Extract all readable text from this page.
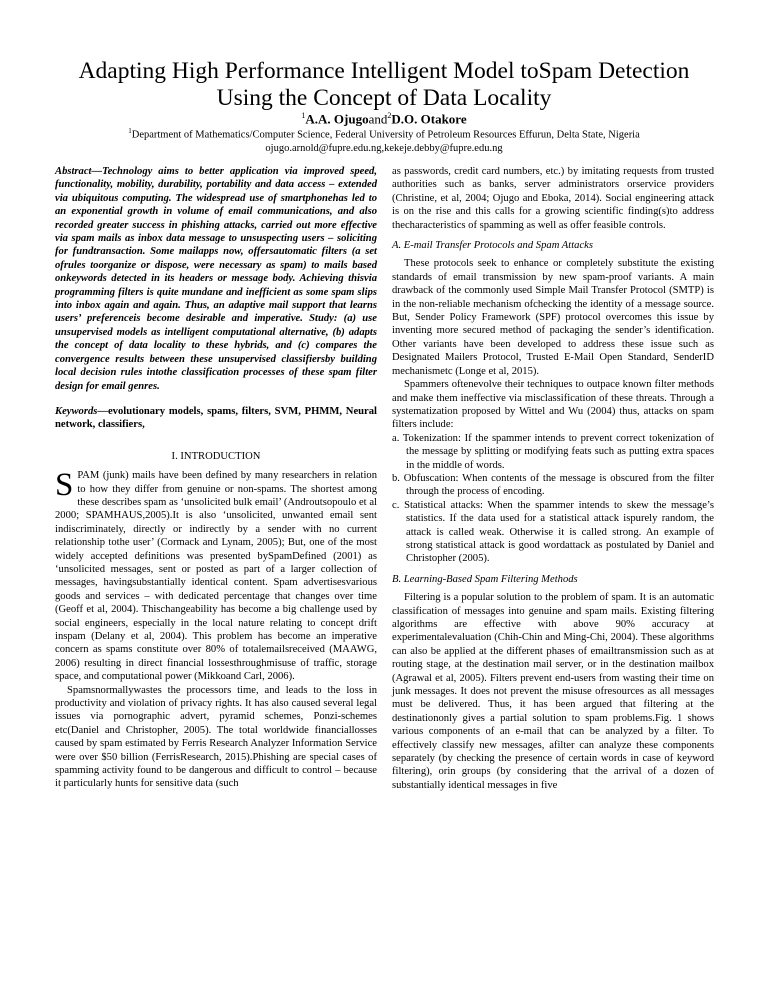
Adapting High Performance Intelligent Model toSpam Detection Using the Concept of Data Locality
$^1$A.A. Ojugoand$^2$D.O. Otakore
$^1$Department of Mathematics/Computer Science, Federal University of Petroleum Resources Effurun, Delta State, Nigeria
ojugo.arnold@fupre.edu.ng,kekeje.debby@fupre.edu.ng

Abstract—Technology aims to better application via improved speed, functionality, mobility, durability, portability and data access – extended via ubiquitous computing. The widespread use of smartphonehas led to an exponential growth in volume of email communications, and also recorded greater success in phishing attacks, carried out more effective via spam mails as inbox data message to unsuspecting users – soliciting for fundtransaction. Some mailapps now, offersautomatic filters (a set ofrules toorganize or dispose, were necessary as spam) to mails based onkeywords detected in its headers or message body. Achieving thisvia programming filters is quite mundane and inefficient as some spam slips into inbox again and again. Thus, an adaptive mail support that learns users’ preferenceis become desirable and imperative. Study: (a) use unsupervised models as intelligent computational alternative, (b) adapts the concept of data locality to these hybrids, and (c) compares the convergence results between these unsupervised classifiersby building local decision rules intothe classification processes of these spam filter design for email genres.

Keywords—evolutionary models, spams, filters, SVM, PHMM, Neural network, classifiers,

I. INTRODUCTION

SPAM (junk) mails have been defined by many researchers in relation to how they differ from genuine or non-spams. The shortest among these describes spam as ‘unsolicited bulk email’ (Androutsopoulo et al 2000; SPAMHAUS,2005).It is also ‘unsolicited, unwanted email sent indiscriminately, directly or indirectly by a sender with no current relationship tothe user’ (Cormack and Lynam, 2005); But, one of the most widely accepted definitions was presented bySpamDefined (2001) as ‘unsolicited messages, sent or posted as part of a larger collection of messages, havingsubstantially identical content. Spam advertisesvarious goods and services – with dedicated percentage that changes over time (Geoff et al, 2004). Thischangeability has become a big challenge used by social engineers, especially in the local nature relating to concept drift inspam (Delany et al, 2004). This problem has become an imperative concern as spams constitute over 80% of totalemailsreceived (MAAWG, 2006) resulting in direct financial lossesthroughmisuse of traffic, storage space, and computational power (Mikkoand Carl, 2006).

Spamsnormallywastes the processors time, and leads to the loss in productivity and violation of privacy rights. It has also caused several legal issues via pornographic advert, pyramid schemes, Ponzi-schemes etc(Daniel and Christopher, 2005). The total worldwide financiallosses caused by spam estimated by Ferris Research Analyzer Information Service were over $50 billion (FerrisResearch, 2015).Phishing are special cases of spamming activity found to be dangerous and difficult to control – because it particularly hunts for sensitive data (such

as passwords, credit card numbers, etc.) by imitating requests from trusted authorities such as banks, server administrators orservice providers (Christine, et al, 2004; Ojugo and Eboka, 2014). Social engineering attack is on the rise and this calls for a growing scientific finding(s)to address thecharacteristics of spamming as well as offer feasible controls.

A. E-mail Transfer Protocols and Spam Attacks

These protocols seek to enhance or completely substitute the existing standards of email transmission by new spam-proof variants. A main drawback of the commonly used Simple Mail Transfer Protocol (SMTP) is in the non-reliable mechanism ofchecking the identity of a message source. But, Sender Policy Framework (SPF) protocol overcomes this issue by inventing more secured method of packaging the sender’s identification. Other variants have been developed to address these issue such as Designated Mailers Protocol, Trusted E-Mail Open Standard, SenderID mechanismetc (Longe et al, 2015).

Spammers oftenevolve their techniques to outpace known filter methods and make them ineffective via misclassification of these threats. Through a systematization proposed by Wittel and Wu (2004) thus, attacks on spam filters include:

a. Tokenization: If the spammer intends to prevent correct tokenization of the message by splitting or modifying feats such as putting extra spaces in the middle of words.

b. Obfuscation: When contents of the message is obscured from the filter through the process of encoding.

c. Statistical attacks: When the spammer intends to skew the message’s statistics. If the data used for a statistical attack ispurely random, the attack is called weak. Otherwise it is called strong. An example of strong statistical attack is good wordattack as postulated by Daniel and Christopher (2005).

B. Learning-Based Spam Filtering Methods

Filtering is a popular solution to the problem of spam. It is an automatic classification of messages into genuine and spam mails. Existing filtering algorithms are effective with above 90% accuracy at experimentalevaluation (Chih-Chin and Ming-Chi, 2004). These algorithms can also be applied at the different phases of emailtransmission such as at routing stage, at the destination mail server, or in the destination mailbox (Agrawal et al, 2005). Filters prevent end-users from wasting their time on junk messages. It does not prevent the misuse ofresources as all messages must be delivered. Thus, it has been argued that filtering at the destinationonly gives a partial solution to spam problems.Fig. 1 shows various components of an e-mail that can be analyzed by a filter. To effectively classify new messages, afilter can analyze these components separately (by checking the presence of certain words in case of keyword filtering), orin groups (by considering that the arrival of a dozen of substantially identical messages in five
